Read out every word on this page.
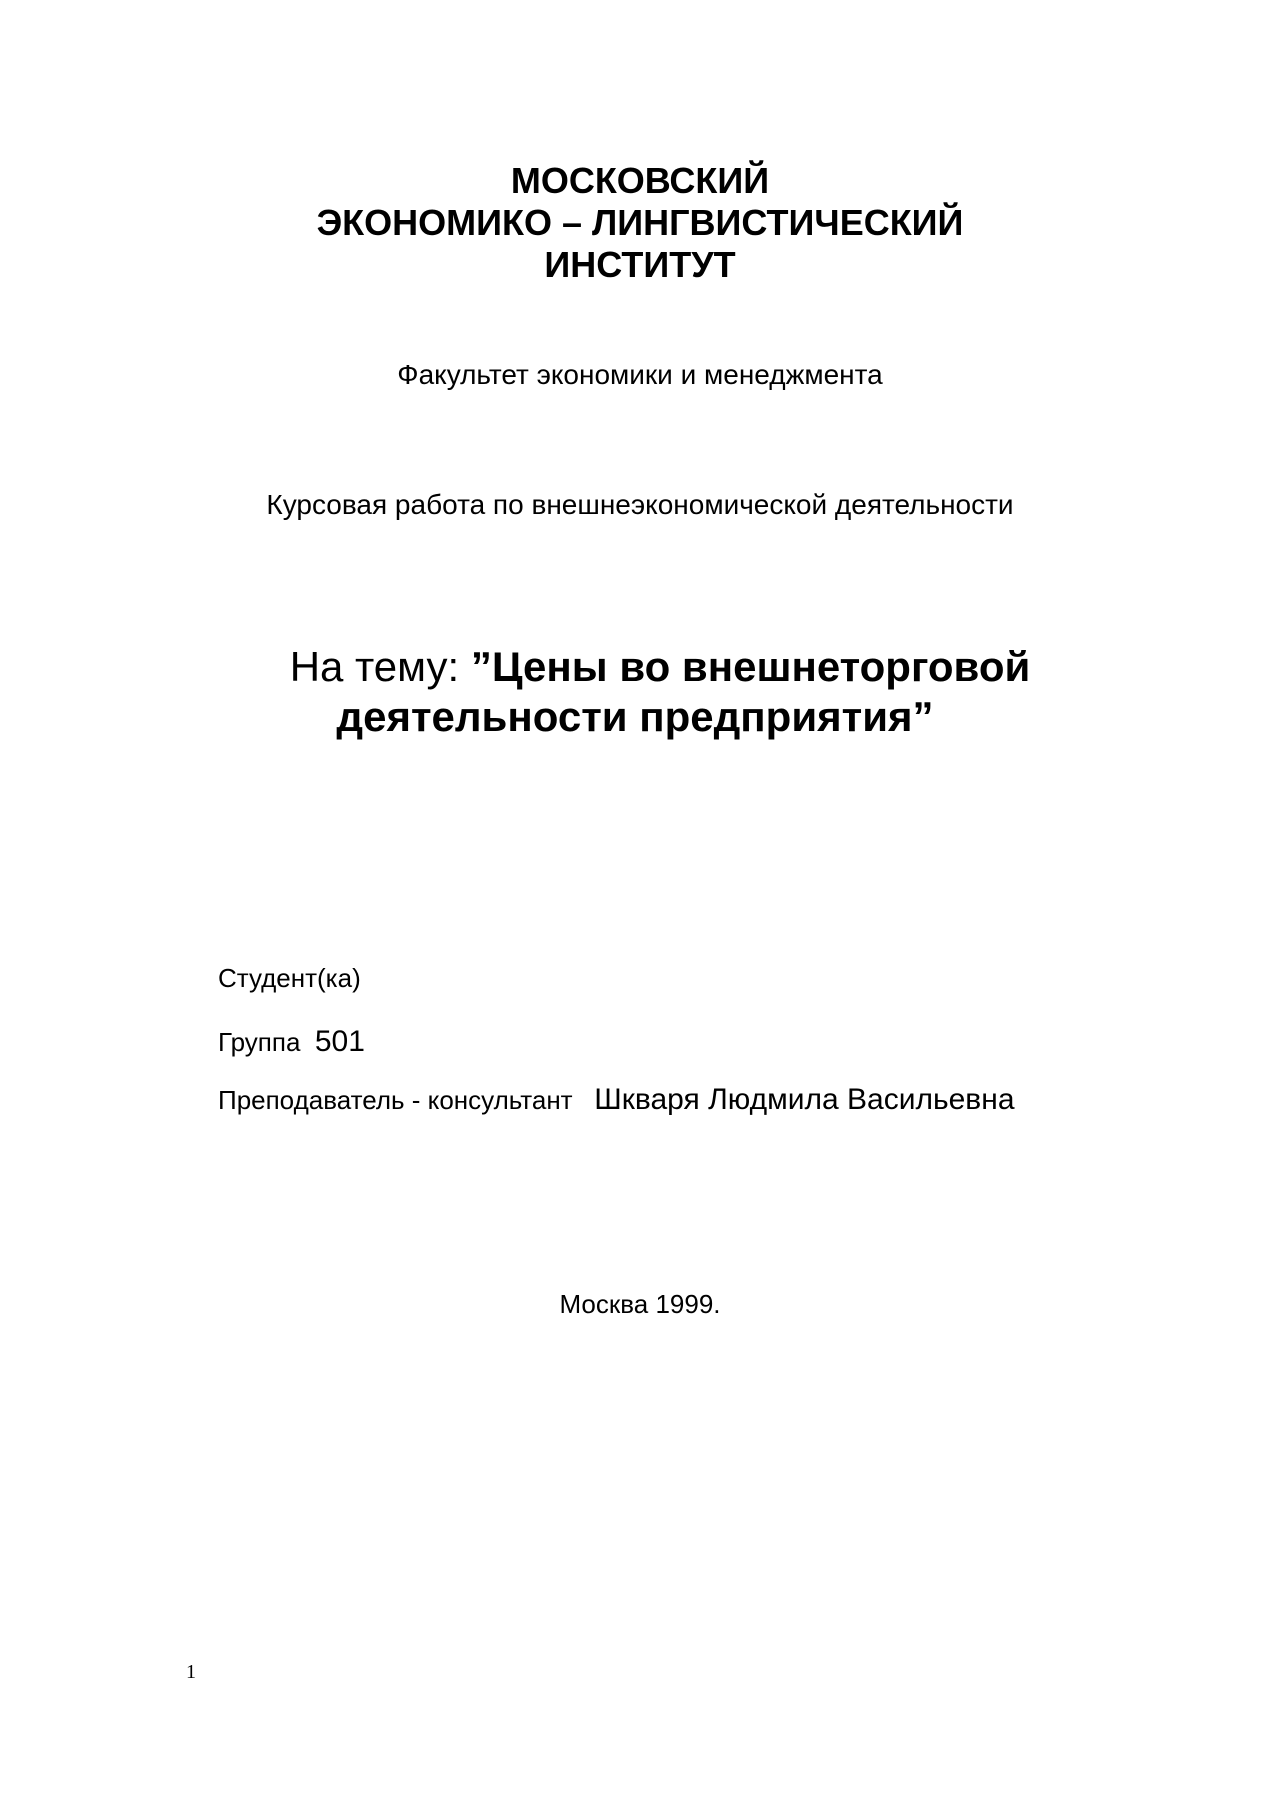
МОСКОВСКИЙ
ЭКОНОМИКО – ЛИНГВИСТИЧЕСКИЙ
ИНСТИТУТ
Факультет экономики и менеджмента
Курсовая работа по внешнеэкономической деятельности
На тему: ”Цены во внешнеторговой
деятельности предприятия”
Студент(ка)
Группа 501
Преподаватель - консультант Шкваря Людмила Васильевна
Москва 1999.
1
